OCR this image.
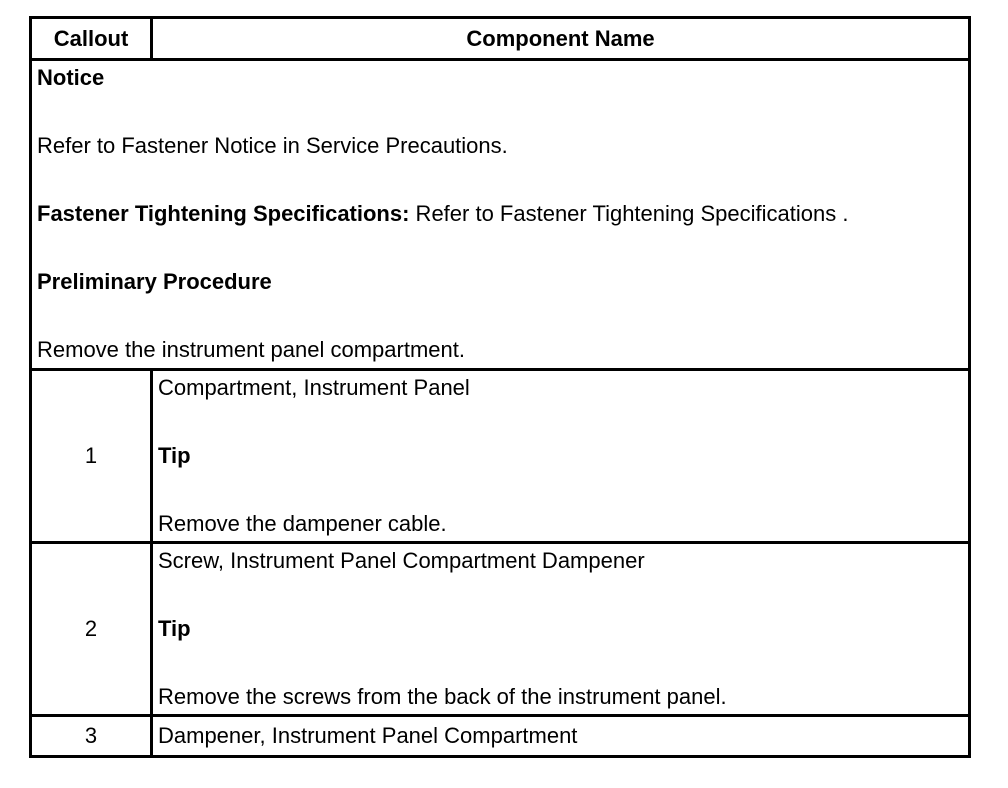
Callout	Component Name

Notice

Refer to Fastener Notice in Service Precautions.

Fastener Tightening Specifications: Refer to Fastener Tightening Specifications .

Preliminary Procedure

Remove the instrument panel compartment.	

1	Compartment, Instrument Panel

Tip

Remove the dampener cable.

2	Screw, Instrument Panel Compartment Dampener

Tip

Remove the screws from the back of the instrument panel.

3	Dampener, Instrument Panel Compartment
